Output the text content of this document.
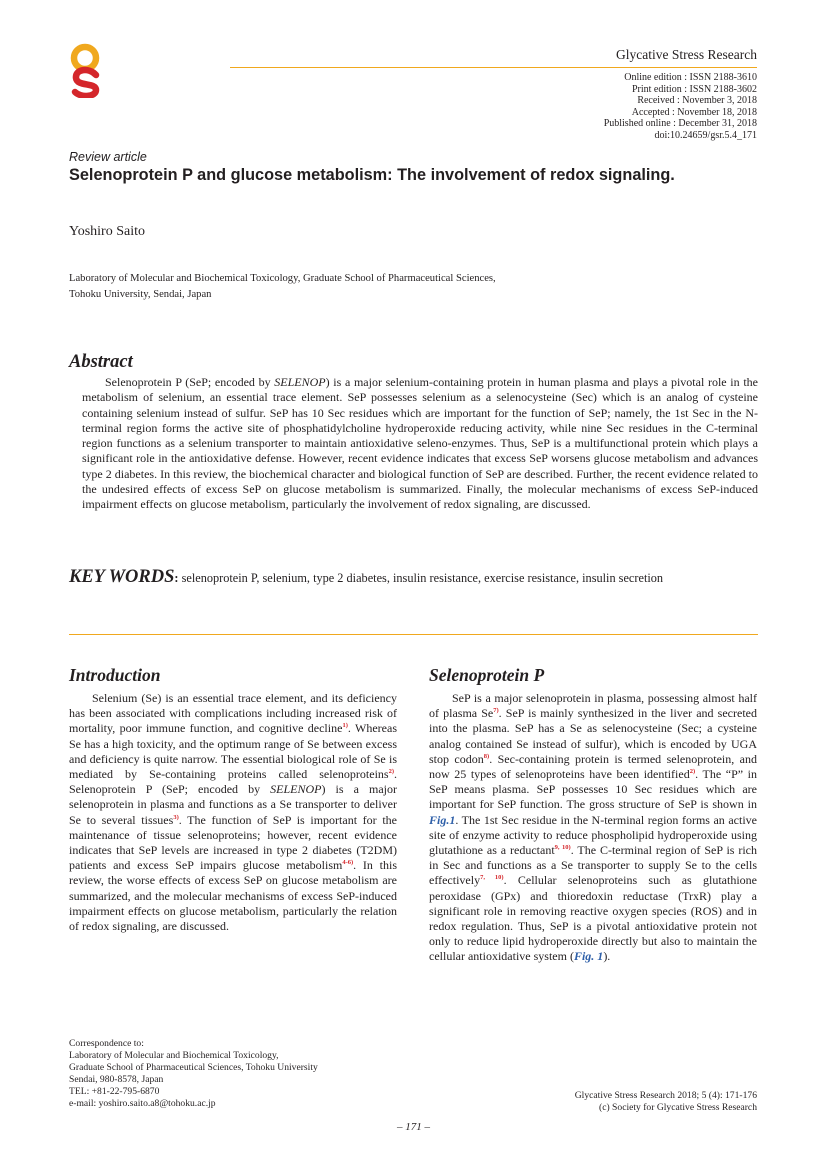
Glycative Stress Research
Online edition : ISSN 2188-3610
Print edition : ISSN 2188-3602
Received : November 3, 2018
Accepted : November 18, 2018
Published online : December 31, 2018
doi:10.24659/gsr.5.4_171
Review article
Selenoprotein P and glucose metabolism: The involvement of redox signaling.
Yoshiro Saito
Laboratory of Molecular and Biochemical Toxicology, Graduate School of Pharmaceutical Sciences,
Tohoku University, Sendai, Japan
Abstract
Selenoprotein P (SeP; encoded by SELENOP) is a major selenium-containing protein in human plasma and plays a pivotal role in the metabolism of selenium, an essential trace element. SeP possesses selenium as a selenocysteine (Sec) which is an analog of cysteine containing selenium instead of sulfur. SeP has 10 Sec residues which are important for the function of SeP; namely, the 1st Sec in the N-terminal region forms the active site of phosphatidylcholine hydroperoxide reducing activity, while nine Sec residues in the C-terminal region functions as a selenium transporter to maintain antioxidative seleno-enzymes. Thus, SeP is a multifunctional protein which plays a significant role in the antioxidative defense. However, recent evidence indicates that excess SeP worsens glucose metabolism and advances type 2 diabetes. In this review, the biochemical character and biological function of SeP are described. Further, the recent evidence related to the undesired effects of excess SeP on glucose metabolism is summarized. Finally, the molecular mechanisms of excess SeP-induced impairment effects on glucose metabolism, particularly the involvement of redox signaling, are discussed.
KEY WORDS: selenoprotein P, selenium, type 2 diabetes, insulin resistance, exercise resistance, insulin secretion
Introduction
Selenium (Se) is an essential trace element, and its deficiency has been associated with complications including increased risk of mortality, poor immune function, and cognitive decline$^{1)}$. Whereas Se has a high toxicity, and the optimum range of Se between excess and deficiency is quite narrow. The essential biological role of Se is mediated by Se-containing proteins called selenoproteins$^{2)}$. Selenoprotein P (SeP; encoded by SELENOP) is a major selenoprotein in plasma and functions as a Se transporter to deliver Se to several tissues$^{3)}$. The function of SeP is important for the maintenance of tissue selenoproteins; however, recent evidence indicates that SeP levels are increased in type 2 diabetes (T2DM) patients and excess SeP impairs glucose metabolism$^{4-6)}$. In this review, the worse effects of excess SeP on glucose metabolism are summarized, and the molecular mechanisms of excess SeP-induced impairment effects on glucose metabolism, particularly the relation of redox signaling, are discussed.
Selenoprotein P
SeP is a major selenoprotein in plasma, possessing almost half of plasma Se$^{7)}$. SeP is mainly synthesized in the liver and secreted into the plasma. SeP has a Se as selenocysteine (Sec; a cysteine analog contained Se instead of sulfur), which is encoded by UGA stop codon$^{8)}$. Sec-containing protein is termed selenoprotein, and now 25 types of selenoproteins have been identified$^{2)}$. The “P” in SeP means plasma. SeP possesses 10 Sec residues which are important for SeP function. The gross structure of SeP is shown in Fig.1. The 1st Sec residue in the N-terminal region forms an active site of enzyme activity to reduce phospholipid hydroperoxide using glutathione as a reductant$^{9, 10)}$. The C-terminal region of SeP is rich in Sec and functions as a Se transporter to supply Se to the cells effectively$^{7, 10)}$. Cellular selenoproteins such as glutathione peroxidase (GPx) and thioredoxin reductase (TrxR) play a significant role in removing reactive oxygen species (ROS) and in redox regulation. Thus, SeP is a pivotal antioxidative protein not only to reduce lipid hydroperoxide directly but also to maintain the cellular antioxidative system (Fig. 1).
Correspondence to:
Laboratory of Molecular and Biochemical Toxicology,
Graduate School of Pharmaceutical Sciences, Tohoku University
Sendai, 980-8578, Japan
TEL: +81-22-795-6870
e-mail: yoshiro.saito.a8@tohoku.ac.jp
Glycative Stress Research 2018; 5 (4): 171-176
(c) Society for Glycative Stress Research
– 171 –
